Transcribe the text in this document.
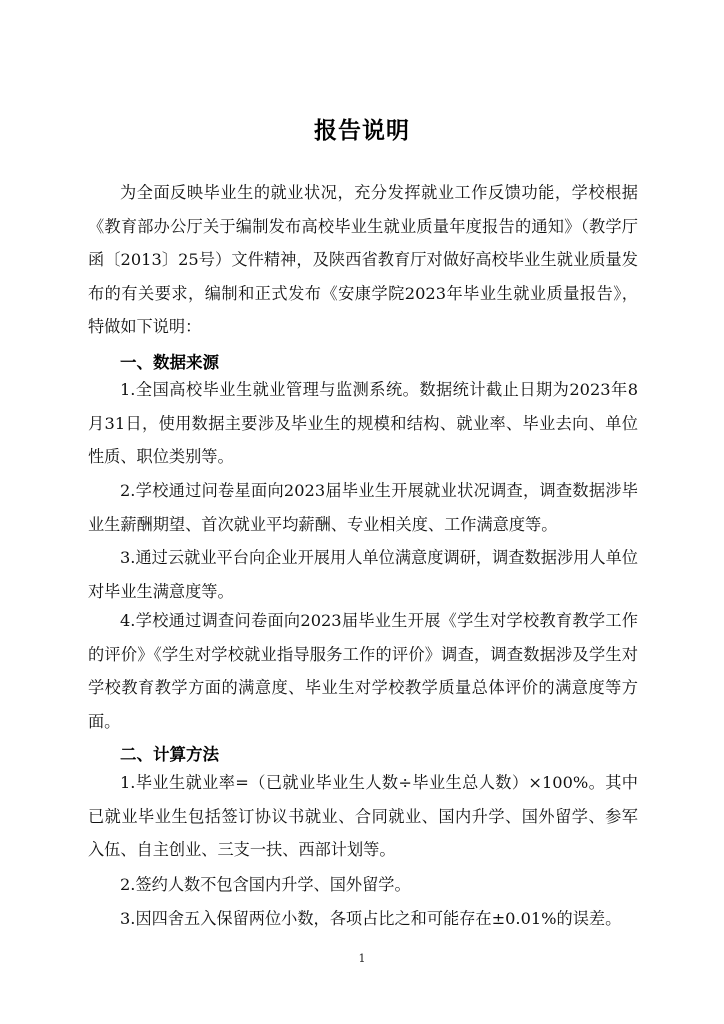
报告说明
为全面反映毕业生的就业状况，充分发挥就业工作反馈功能，学校根据《教育部办公厅关于编制发布高校毕业生就业质量年度报告的通知》（教学厅函〔2013〕25号）文件精神，及陕西省教育厅对做好高校毕业生就业质量发布的有关要求，编制和正式发布《安康学院2023年毕业生就业质量报告》，特做如下说明：
一、数据来源
1.全国高校毕业生就业管理与监测系统。数据统计截止日期为2023年8月31日，使用数据主要涉及毕业生的规模和结构、就业率、毕业去向、单位性质、职位类别等。
2.学校通过问卷星面向2023届毕业生开展就业状况调查，调查数据涉毕业生薪酬期望、首次就业平均薪酬、专业相关度、工作满意度等。
3.通过云就业平台向企业开展用人单位满意度调研，调查数据涉用人单位对毕业生满意度等。
4.学校通过调查问卷面向2023届毕业生开展《学生对学校教育教学工作的评价》《学生对学校就业指导服务工作的评价》调查，调查数据涉及学生对学校教育教学方面的满意度、毕业生对学校教学质量总体评价的满意度等方面。
二、计算方法
1.毕业生就业率=（已就业毕业生人数÷毕业生总人数）×100%。其中已就业毕业生包括签订协议书就业、合同就业、国内升学、国外留学、参军入伍、自主创业、三支一扶、西部计划等。
2.签约人数不包含国内升学、国外留学。
3.因四舍五入保留两位小数，各项占比之和可能存在±0.01%的误差。
1
